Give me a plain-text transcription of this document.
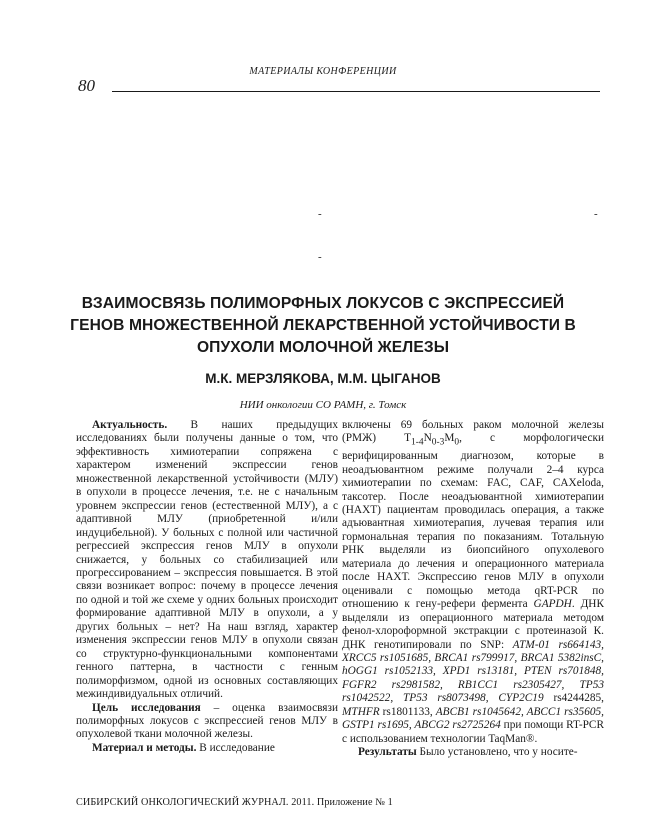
МАТЕРИАЛЫ КОНФЕРЕНЦИИ
80
-	-
-
ВЗАИМОСВЯЗЬ ПОЛИМОРФНЫХ ЛОКУСОВ С ЭКСПРЕССИЕЙ ГЕНОВ МНОЖЕСТВЕННОЙ ЛЕКАРСТВЕННОЙ УСТОЙЧИВОСТИ В ОПУХОЛИ МОЛОЧНОЙ ЖЕЛЕЗЫ
М.К. МЕРЗЛЯКОВА, М.М. ЦЫГАНОВ
НИИ онкологии СО РАМН, г. Томск

Актуальность. В наших предыдущих исследованиях были получены данные о том, что эффективность химиотерапии сопряжена с характером изменений экспрессии генов множественной лекарственной устойчивости (МЛУ) в опухоли в процессе лечения, т.е. не с начальным уровнем экспрессии генов (естественной МЛУ), а с адаптивной МЛУ (приобретенной и/или индуцибельной). У больных с полной или частичной регрессией экспрессия генов МЛУ в опухоли снижается, у больных со стабилизацией или прогрессированием – экспрессия повышается. В этой связи возникает вопрос: почему в процессе лечения по одной и той же схеме у одних больных происходит формирование адаптивной МЛУ в опухоли, а у других больных – нет? На наш взгляд, характер изменения экспрессии генов МЛУ в опухоли связан со структурно-функциональными компонентами генного паттерна, в частности с генным полиморфизмом, одной из основных составляющих межиндивидуальных отличий.

Цель исследования – оценка взаимосвязи полиморфных локусов с экспрессией генов МЛУ в опухолевой ткани молочной железы.

Материал и методы. В исследование

включены 69 больных раком молочной железы (РМЖ) $T_{1-4}N_{0-3}M_0$, с морфологически верифицированным диагнозом, которые в неоадъювантном режиме получали 2–4 курса химиотерапии по схемам: FAC, CAF, CAXeloda, таксотер. После неоадъювантной химиотерапии (НАХТ) пациентам проводилась операция, а также адъювантная химиотерапия, лучевая терапия или гормональная терапия по показаниям. Тотальную РНК выделяли из биопсийного опухолевого материала до лечения и операционного материала после НАХТ. Экспрессию генов МЛУ в опухоли оценивали с помощью метода qRT-PCR по отношению к гену-рефери фермента GAPDH. ДНК выделяли из операционного материала методом фенол-хлороформной экстракции с протеиназой К. ДНК генотипировали по SNP: ATM-01 rs664143, XRCC5 rs1051685, BRCA1 rs799917, BRCA1 5382insC, hOGG1 rs1052133, XPD1 rs13181, PTEN rs701848, FGFR2 rs2981582, RB1CC1 rs2305427, TP53 rs1042522, TP53 rs8073498, CYP2C19 rs4244285, MTHFR rs1801133, ABCB1 rs1045642, ABCC1 rs35605, GSTP1 rs1695, ABCG2 rs2725264 при помощи RT-PCR с использованием технологии TaqMan®.

Результаты Было установлено, что у носите-

СИБИРСКИЙ ОНКОЛОГИЧЕСКИЙ ЖУРНАЛ. 2011. Приложение № 1
